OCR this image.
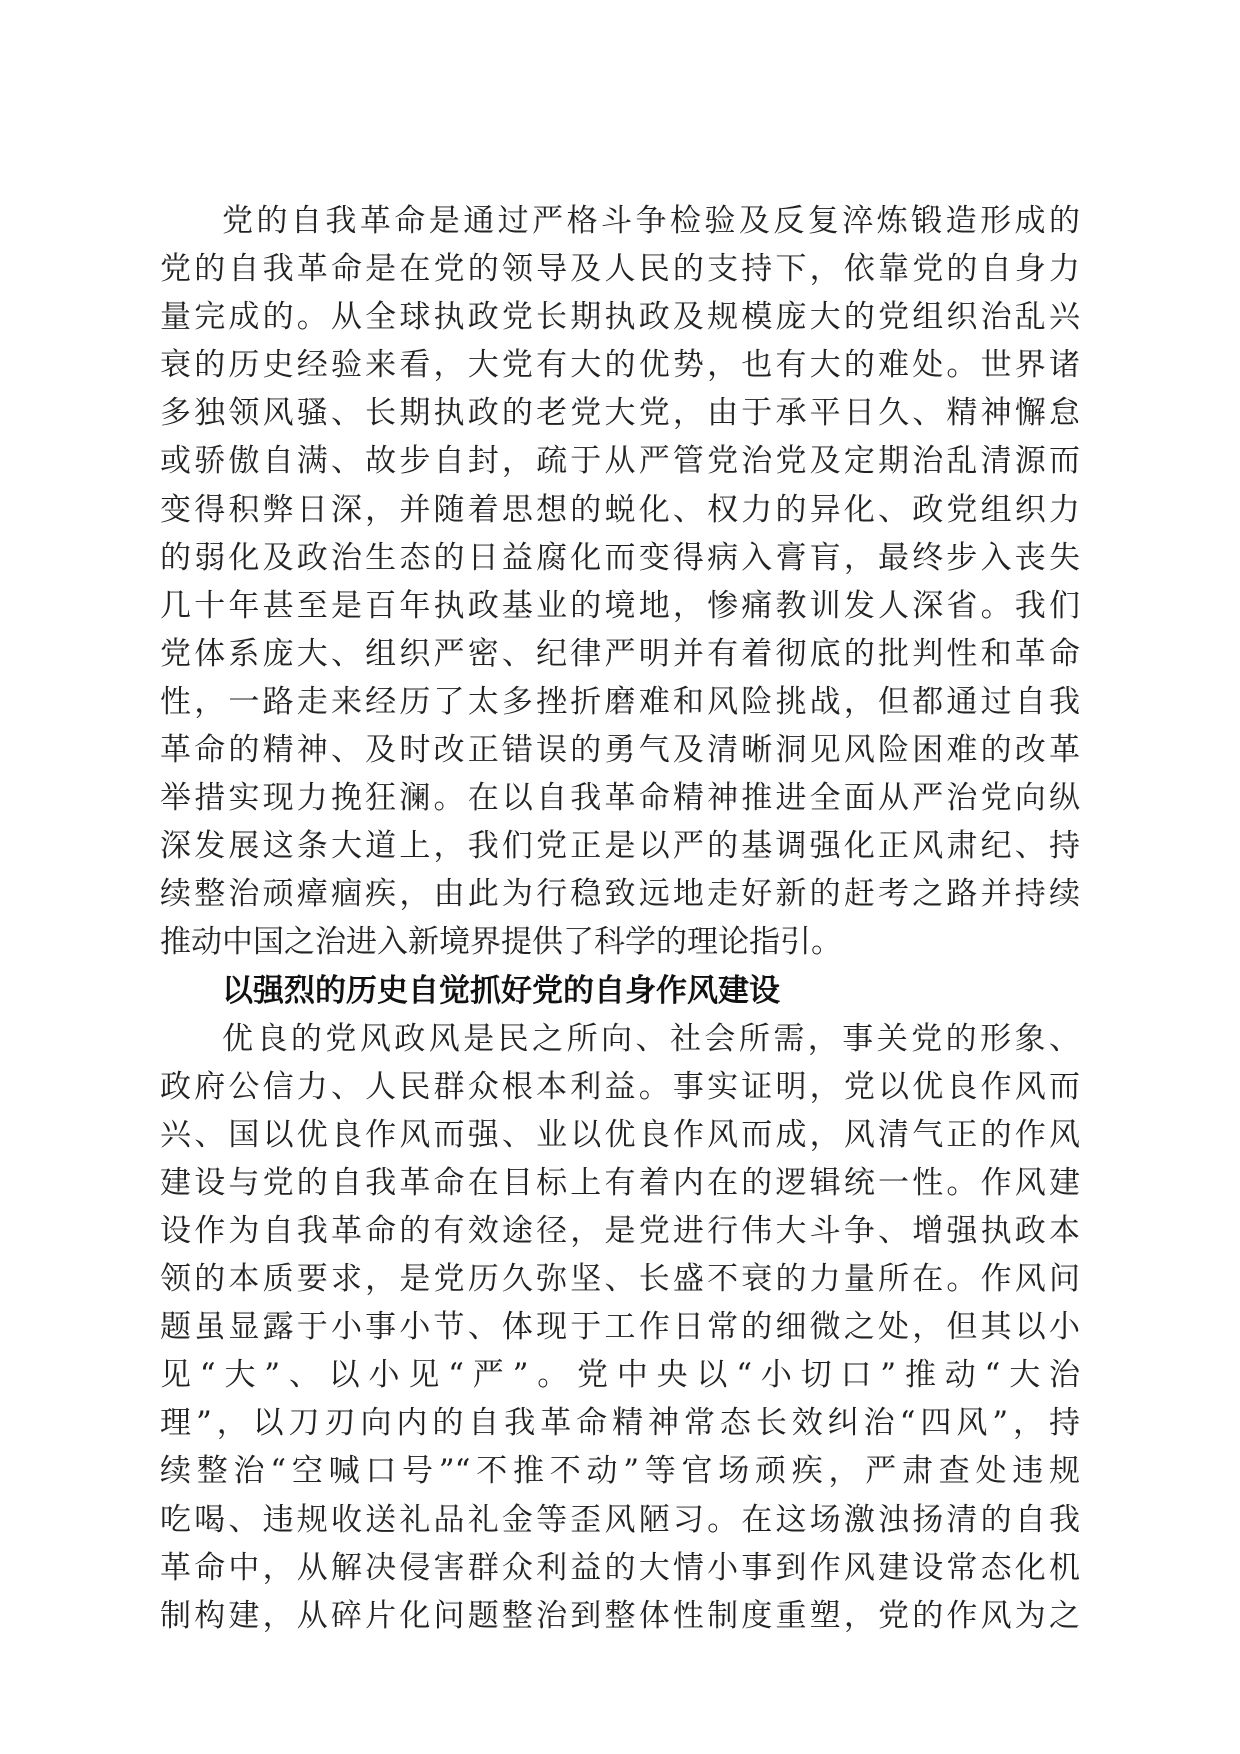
党的自我革命是通过严格斗争检验及反复淬炼锻造形成的
党的自我革命是在党的领导及人民的支持下，依靠党的自身力
量完成的。从全球执政党长期执政及规模庞大的党组织治乱兴
衰的历史经验来看，大党有大的优势，也有大的难处。世界诸
多独领风骚、长期执政的老党大党，由于承平日久、精神懈怠
或骄傲自满、故步自封，疏于从严管党治党及定期治乱清源而
变得积弊日深，并随着思想的蜕化、权力的异化、政党组织力
的弱化及政治生态的日益腐化而变得病入膏肓，最终步入丧失
几十年甚至是百年执政基业的境地，惨痛教训发人深省。我们
党体系庞大、组织严密、纪律严明并有着彻底的批判性和革命
性，一路走来经历了太多挫折磨难和风险挑战，但都通过自我
革命的精神、及时改正错误的勇气及清晰洞见风险困难的改革
举措实现力挽狂澜。在以自我革命精神推进全面从严治党向纵
深发展这条大道上，我们党正是以严的基调强化正风肃纪、持
续整治顽瘴痼疾，由此为行稳致远地走好新的赶考之路并持续
推动中国之治进入新境界提供了科学的理论指引。
以强烈的历史自觉抓好党的自身作风建设
优良的党风政风是民之所向、社会所需，事关党的形象、
政府公信力、人民群众根本利益。事实证明，党以优良作风而
兴、国以优良作风而强、业以优良作风而成，风清气正的作风
建设与党的自我革命在目标上有着内在的逻辑统一性。作风建
设作为自我革命的有效途径，是党进行伟大斗争、增强执政本
领的本质要求，是党历久弥坚、长盛不衰的力量所在。作风问
题虽显露于小事小节、体现于工作日常的细微之处，但其以小
见“大”、以小见“严”。党中央以“小切口”推动“大治
理”，以刀刃向内的自我革命精神常态长效纠治“四风”，持
续整治“空喊口号”“不推不动”等官场顽疾，严肃查处违规
吃喝、违规收送礼品礼金等歪风陋习。在这场激浊扬清的自我
革命中，从解决侵害群众利益的大情小事到作风建设常态化机
制构建，从碎片化问题整治到整体性制度重塑，党的作风为之
